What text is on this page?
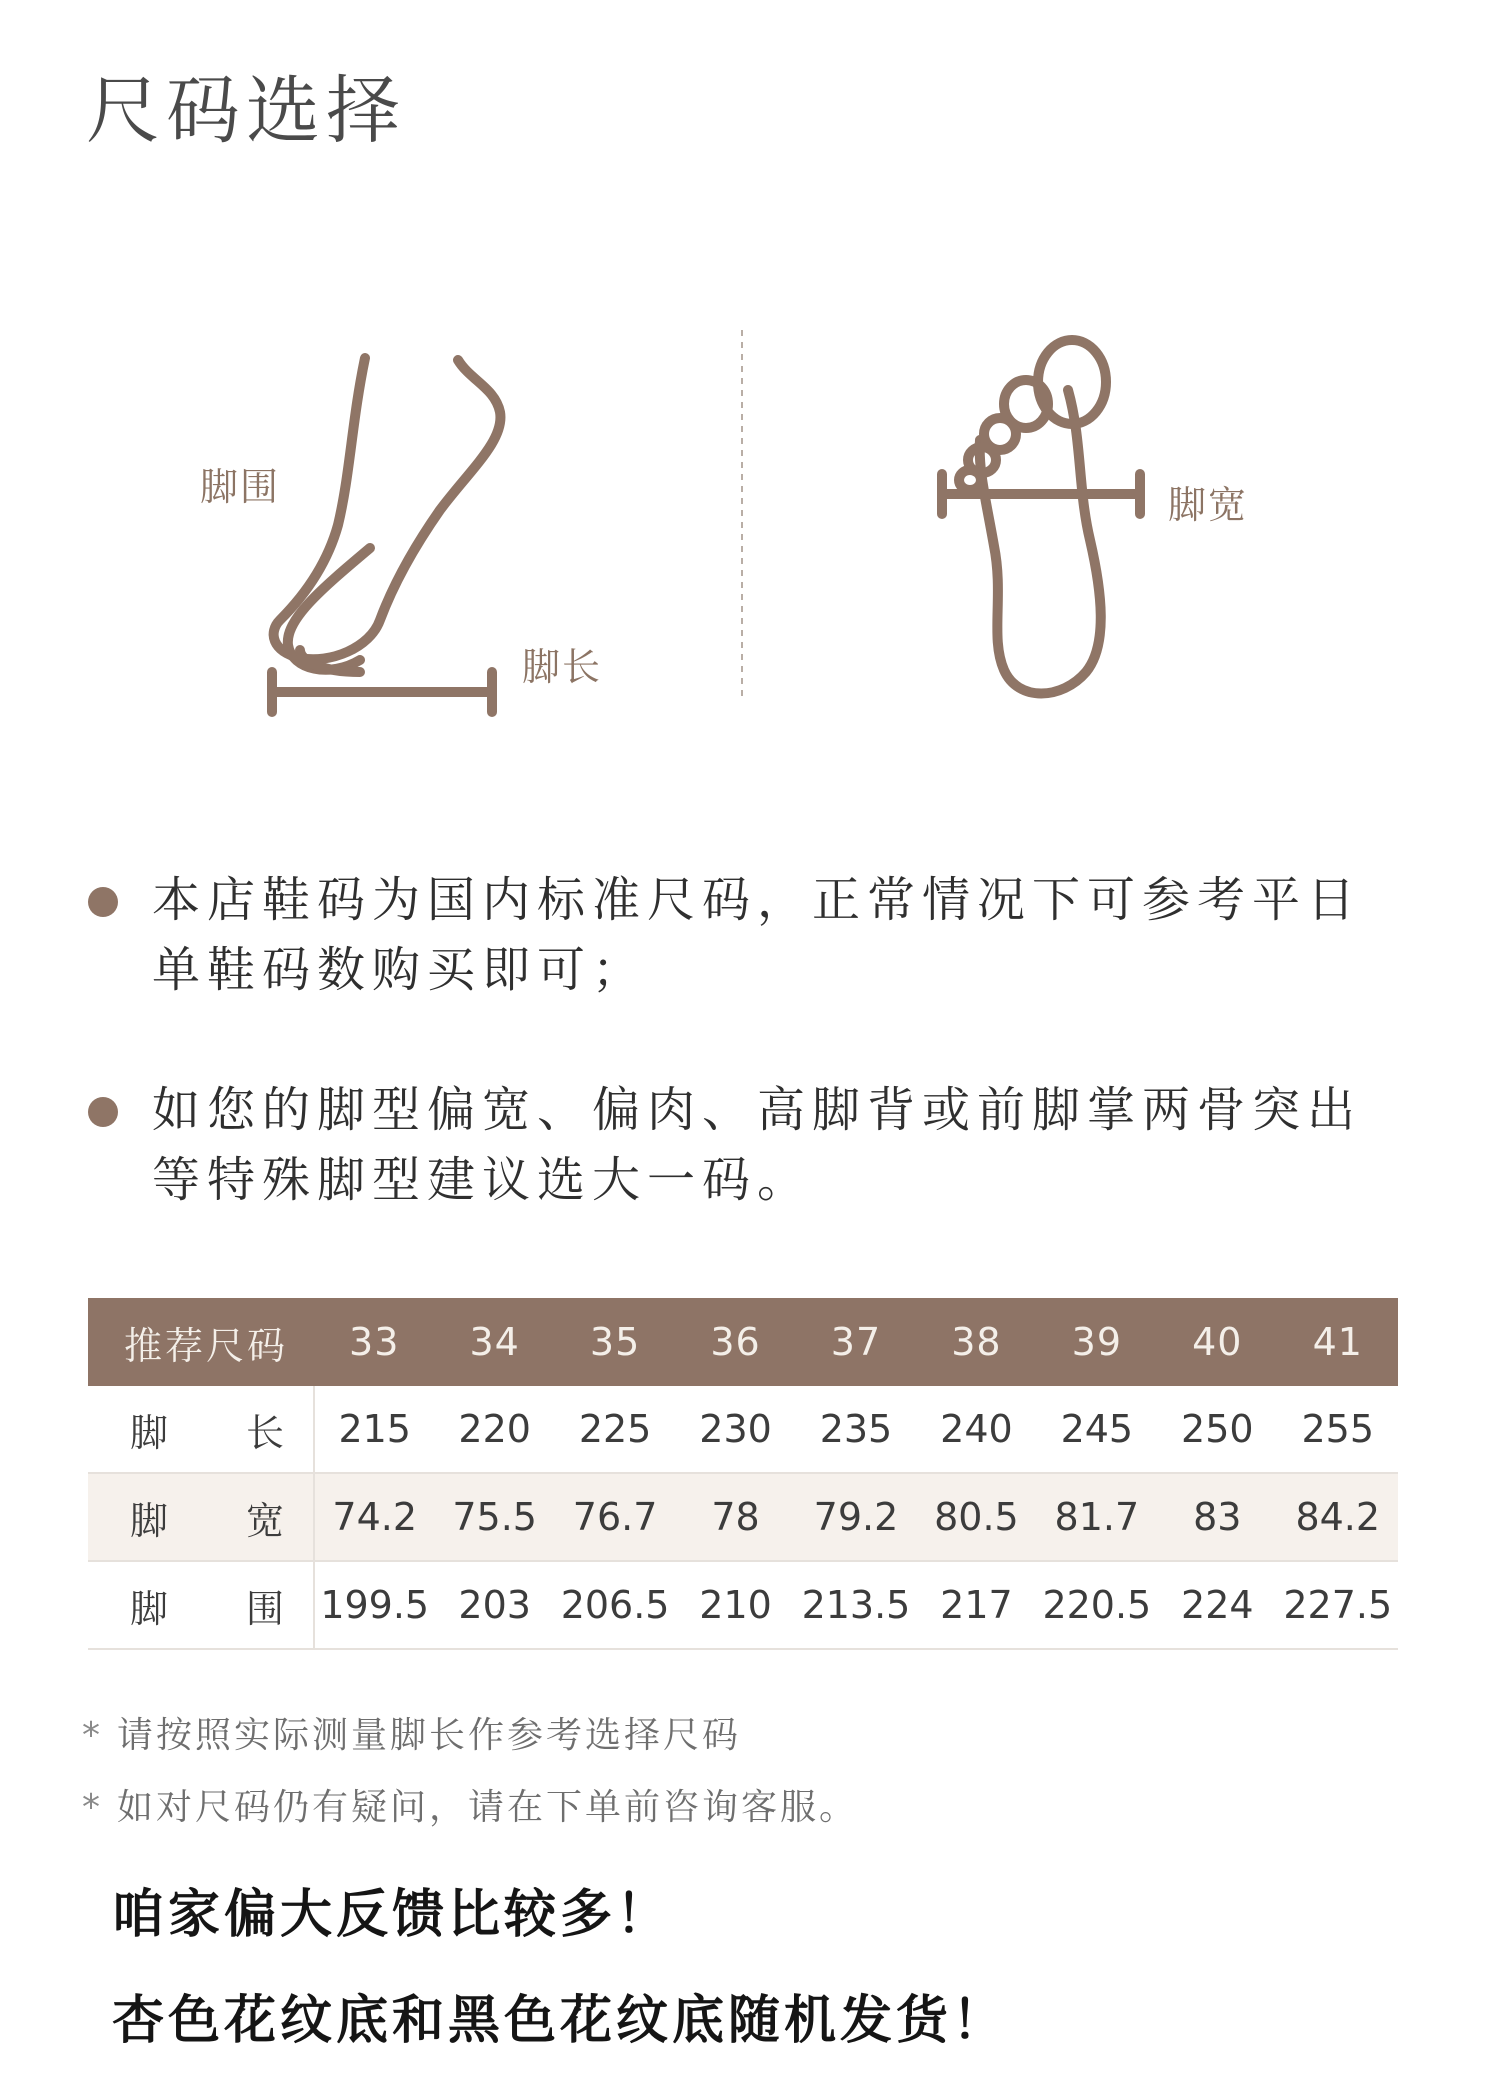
尺码选择
脚围
脚长
脚宽
本店鞋码为国内标准尺码，正常情况下可参考平日单鞋码数购买即可；
如您的脚型偏宽、偏肉、高脚背或前脚掌两骨突出等特殊脚型建议选大一码。
推荐尺码	33	34	35	36	37	38	39	40	41
脚 长	215	220	225	230	235	240	245	250	255
脚 宽	74.2	75.5	76.7	78	79.2	80.5	81.7	83	84.2
脚 围	199.5	203	206.5	210	213.5	217	220.5	224	227.5
* 请按照实际测量脚长作参考选择尺码
* 如对尺码仍有疑问，请在下单前咨询客服。
咱家偏大反馈比较多！
杏色花纹底和黑色花纹底随机发货！
